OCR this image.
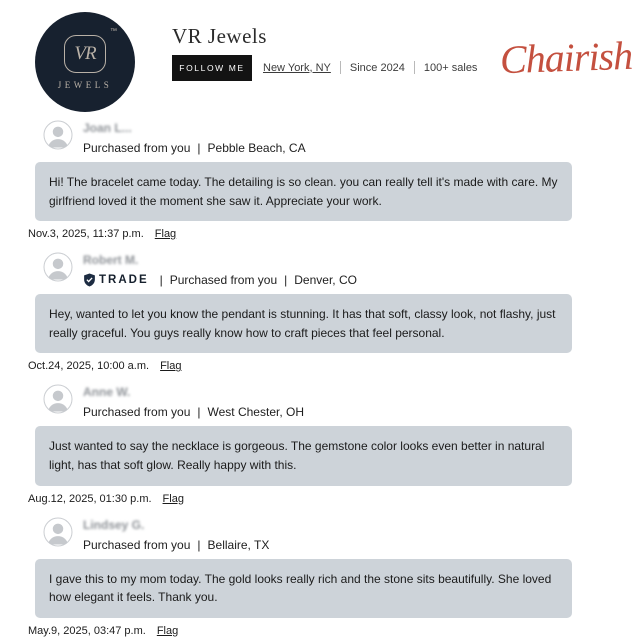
VR
™
JEWELS
VR Jewels
FOLLOW ME	New York, NY Since 2024 100+ sales Chairish
Joan L...
Purchased from you | Pebble Beach, CA
Hi! The bracelet came today. The detailing is so clean. you can really tell it's made with care. My girlfriend loved it the moment she saw it. Appreciate your work.
Nov.3, 2025, 11:37 p.m. Flag
Robert M.
TRADE | Purchased from you | Denver, CO
Hey, wanted to let you know the pendant is stunning. It has that soft, classy look, not flashy, just really graceful. You guys really know how to craft pieces that feel personal.
Oct.24, 2025, 10:00 a.m. Flag
Anne W.
Purchased from you | West Chester, OH
Just wanted to say the necklace is gorgeous. The gemstone color looks even better in natural light, has that soft glow. Really happy with this.
Aug.12, 2025, 01:30 p.m. Flag
Lindsey G.
Purchased from you | Bellaire, TX
I gave this to my mom today. The gold looks really rich and the stone sits beautifully. She loved how elegant it feels. Thank you.
May.9, 2025, 03:47 p.m. Flag
